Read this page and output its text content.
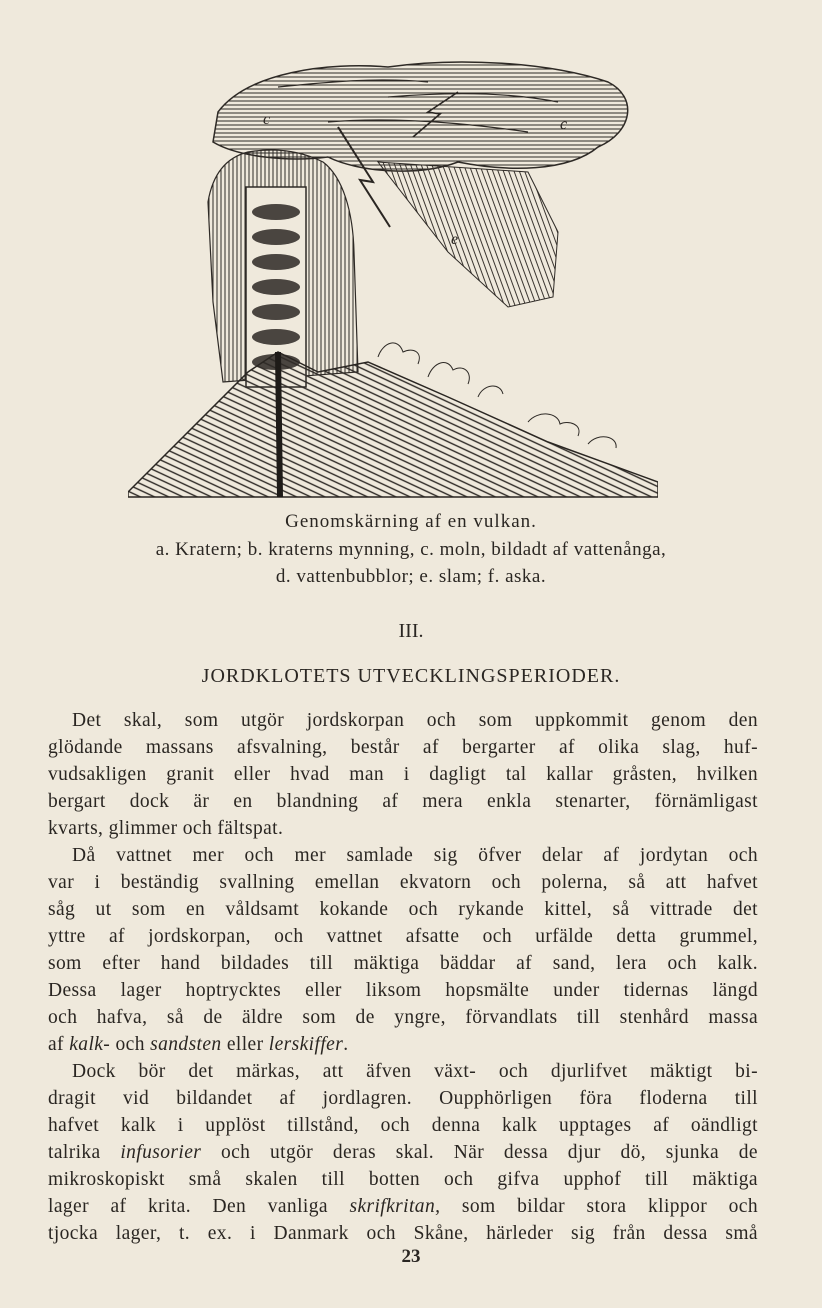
c	c
e
Genomskärning af en vulkan.
a. Kratern; b. kraterns mynning, c. moln, bildadt af vattenånga,
d. vattenbubblor; e. slam; f. aska.
III.
JORDKLOTETS UTVECKLINGSPERIODER.
Det skal, som utgör jordskorpan och som uppkommit genom den
glödande massans afsvalning, består af bergarter af olika slag, huf-
vudsakligen granit eller hvad man i dagligt tal kallar gråsten, hvilken
bergart dock är en blandning af mera enkla stenarter, förnämligast
kvarts, glimmer och fältspat.
Då vattnet mer och mer samlade sig öfver delar af jordytan och
var i beständig svallning emellan ekvatorn och polerna, så att hafvet
såg ut som en våldsamt kokande och rykande kittel, så vittrade det
yttre af jordskorpan, och vattnet afsatte och urfälde detta grummel,
som efter hand bildades till mäktiga bäddar af sand, lera och kalk.
Dessa lager hoptrycktes eller liksom hopsmälte under tidernas längd
och hafva, så de äldre som de yngre, förvandlats till stenhård massa
af kalk- och sandsten eller lerskiffer.
Dock bör det märkas, att äfven växt- och djurlifvet mäktigt bi-
dragit vid bildandet af jordlagren. Oupphörligen föra floderna till
hafvet kalk i upplöst tillstånd, och denna kalk upptages af oändligt
talrika infusorier och utgör deras skal. När dessa djur dö, sjunka de
mikroskopiskt små skalen till botten och gifva upphof till mäktiga
lager af krita. Den vanliga skrifkritan, som bildar stora klippor och
tjocka lager, t. ex. i Danmark och Skåne, härleder sig från dessa små
23
